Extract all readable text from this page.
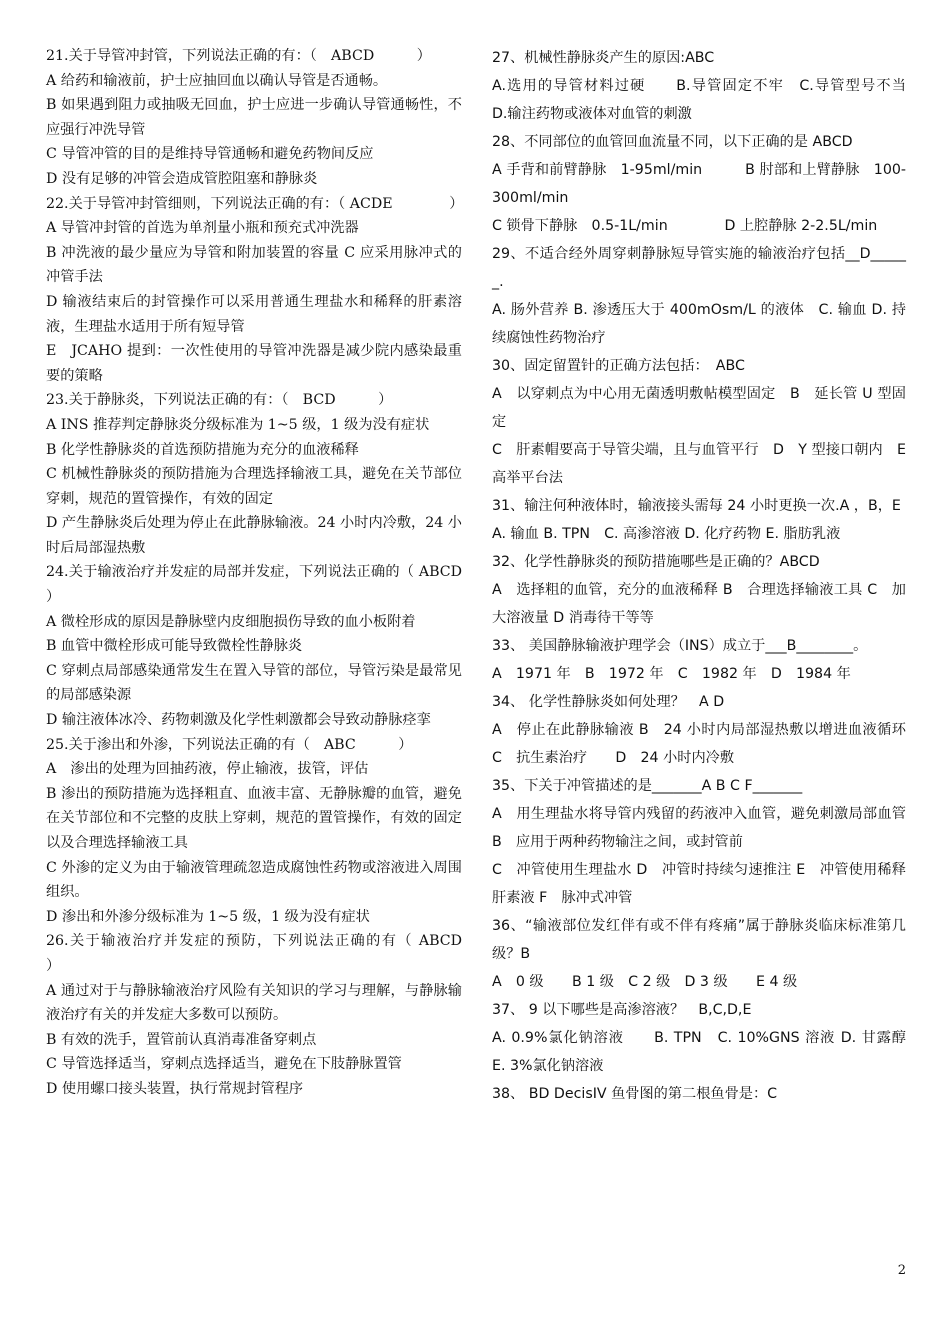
21.关于导管冲封管，下列说法正确的有：（　ABCD　　　）

A 给药和输液前，护士应抽回血以确认导管是否通畅。

B 如果遇到阻力或抽吸无回血，护士应进一步确认导管通畅性，不应强行冲洗导管

C 导管冲管的目的是维持导管通畅和避免药物间反应

D 没有足够的冲管会造成管腔阻塞和静脉炎

22.关于导管冲封管细则，下列说法正确的有：（ ACDE　　　　）

A 导管冲封管的首选为单剂量小瓶和预充式冲洗器

B 冲洗液的最少量应为导管和附加装置的容量 C 应采用脉冲式的冲管手法

D 输液结束后的封管操作可以采用普通生理盐水和稀释的肝素溶液，生理盐水适用于所有短导管

E　JCAHO 提到：一次性使用的导管冲洗器是减少院内感染最重要的策略

23.关于静脉炎，下列说法正确的有：（　BCD　　　）

A INS 推荐判定静脉炎分级标准为 1~5 级，1 级为没有症状

B 化学性静脉炎的首选预防措施为充分的血液稀释

C 机械性静脉炎的预防措施为合理选择输液工具，避免在关节部位穿刺，规范的置管操作，有效的固定

D 产生静脉炎后处理为停止在此静脉输液。24 小时内冷敷，24 小时后局部湿热敷

24.关于输液治疗并发症的局部并发症，下列说法正确的（ ABCD　　　）

A 微栓形成的原因是静脉壁内皮细胞损伤导致的血小板附着

B 血管中微栓形成可能导致微栓性静脉炎

C 穿刺点局部感染通常发生在置入导管的部位，导管污染是最常见的局部感染源

D 输注液体冰冷、药物刺激及化学性刺激都会导致动静脉痉挛

25.关于渗出和外渗，下列说法正确的有（　ABC　　　）

A　渗出的处理为回抽药液，停止输液，拔管，评估

B 渗出的预防措施为选择粗直、血液丰富、无静脉瓣的血管，避免在关节部位和不完整的皮肤上穿刺，规范的置管操作，有效的固定以及合理选择输液工具

C 外渗的定义为由于输液管理疏忽造成腐蚀性药物或溶液进入周围组织。

D 渗出和外渗分级标准为 1~5 级，1 级为没有症状

26.关于输液治疗并发症的预防，下列说法正确的有（ ABCD　　　）

A 通过对于与静脉输液治疗风险有关知识的学习与理解，与静脉输液治疗有关的并发症大多数可以预防。

B 有效的洗手，置管前认真消毒准备穿刺点

C 导管选择适当，穿刺点选择适当，避免在下肢静脉置管

D 使用螺口接头装置，执行常规封管程序

27、机械性静脉炎产生的原因:ABC

A.选用的导管材料过硬　　B.导管固定不牢　C.导管型号不当　　D.输注药物或液体对血管的刺激

28、不同部位的血管回血流量不同，以下正确的是 ABCD

A 手背和前臂静脉　1-95ml/min　　　B 肘部和上臂静脉　100-300ml/min

C 锁骨下静脉　0.5-1L/min　　　　D 上腔静脉 2-2.5L/min

29、不适合经外周穿刺静脉短导管实施的输液治疗包括__D______.

A. 肠外营养 B. 渗透压大于 400mOsm/L 的液体　C. 输血 D. 持续腐蚀性药物治疗

30、固定留置针的正确方法包括：　ABC

A　以穿刺点为中心用无菌透明敷帖模型固定　B　延长管 U 型固定

C　肝素帽要高于导管尖端，且与血管平行　D　Y 型接口朝内　E　高举平台法

31、输注何种液体时，输液接头需每 24 小时更换一次.A ，B，E

A. 输血 B. TPN　C. 高渗溶液 D. 化疗药物 E. 脂肪乳液

32、化学性静脉炎的预防措施哪些是正确的？ABCD

A　选择粗的血管，充分的血液稀释 B　合理选择输液工具 C　加大溶液量 D 消毒待干等等

33、 美国静脉输液护理学会（INS）成立于___B________。

A　1971 年　B　1972 年　C　1982 年　D　1984 年

34、 化学性静脉炎如何处理？　A D

A　停止在此静脉输液 B　24 小时内局部湿热敷以增进血液循环　C　抗生素治疗　　D　24 小时内冷敷

35、下关于冲管描述的是_______A B C F_______

A　用生理盐水将导管内残留的药液冲入血管，避免刺激局部血管 B　应用于两种药物输注之间，或封管前

C　冲管使用生理盐水 D　冲管时持续匀速推注 E　冲管使用稀释肝素液 F　脉冲式冲管

36、“输液部位发红伴有或不伴有疼痛”属于静脉炎临床标准第几级？B

A　0 级　　B 1 级　C 2 级　D 3 级　　E 4 级

37、 9 以下哪些是高渗溶液？　B,C,D,E

A. 0.9%氯化钠溶液　　B. TPN　C. 10%GNS 溶液 D. 甘露醇　E. 3%氯化钠溶液

38、 BD DecisIV 鱼骨图的第二根鱼骨是：C

2
